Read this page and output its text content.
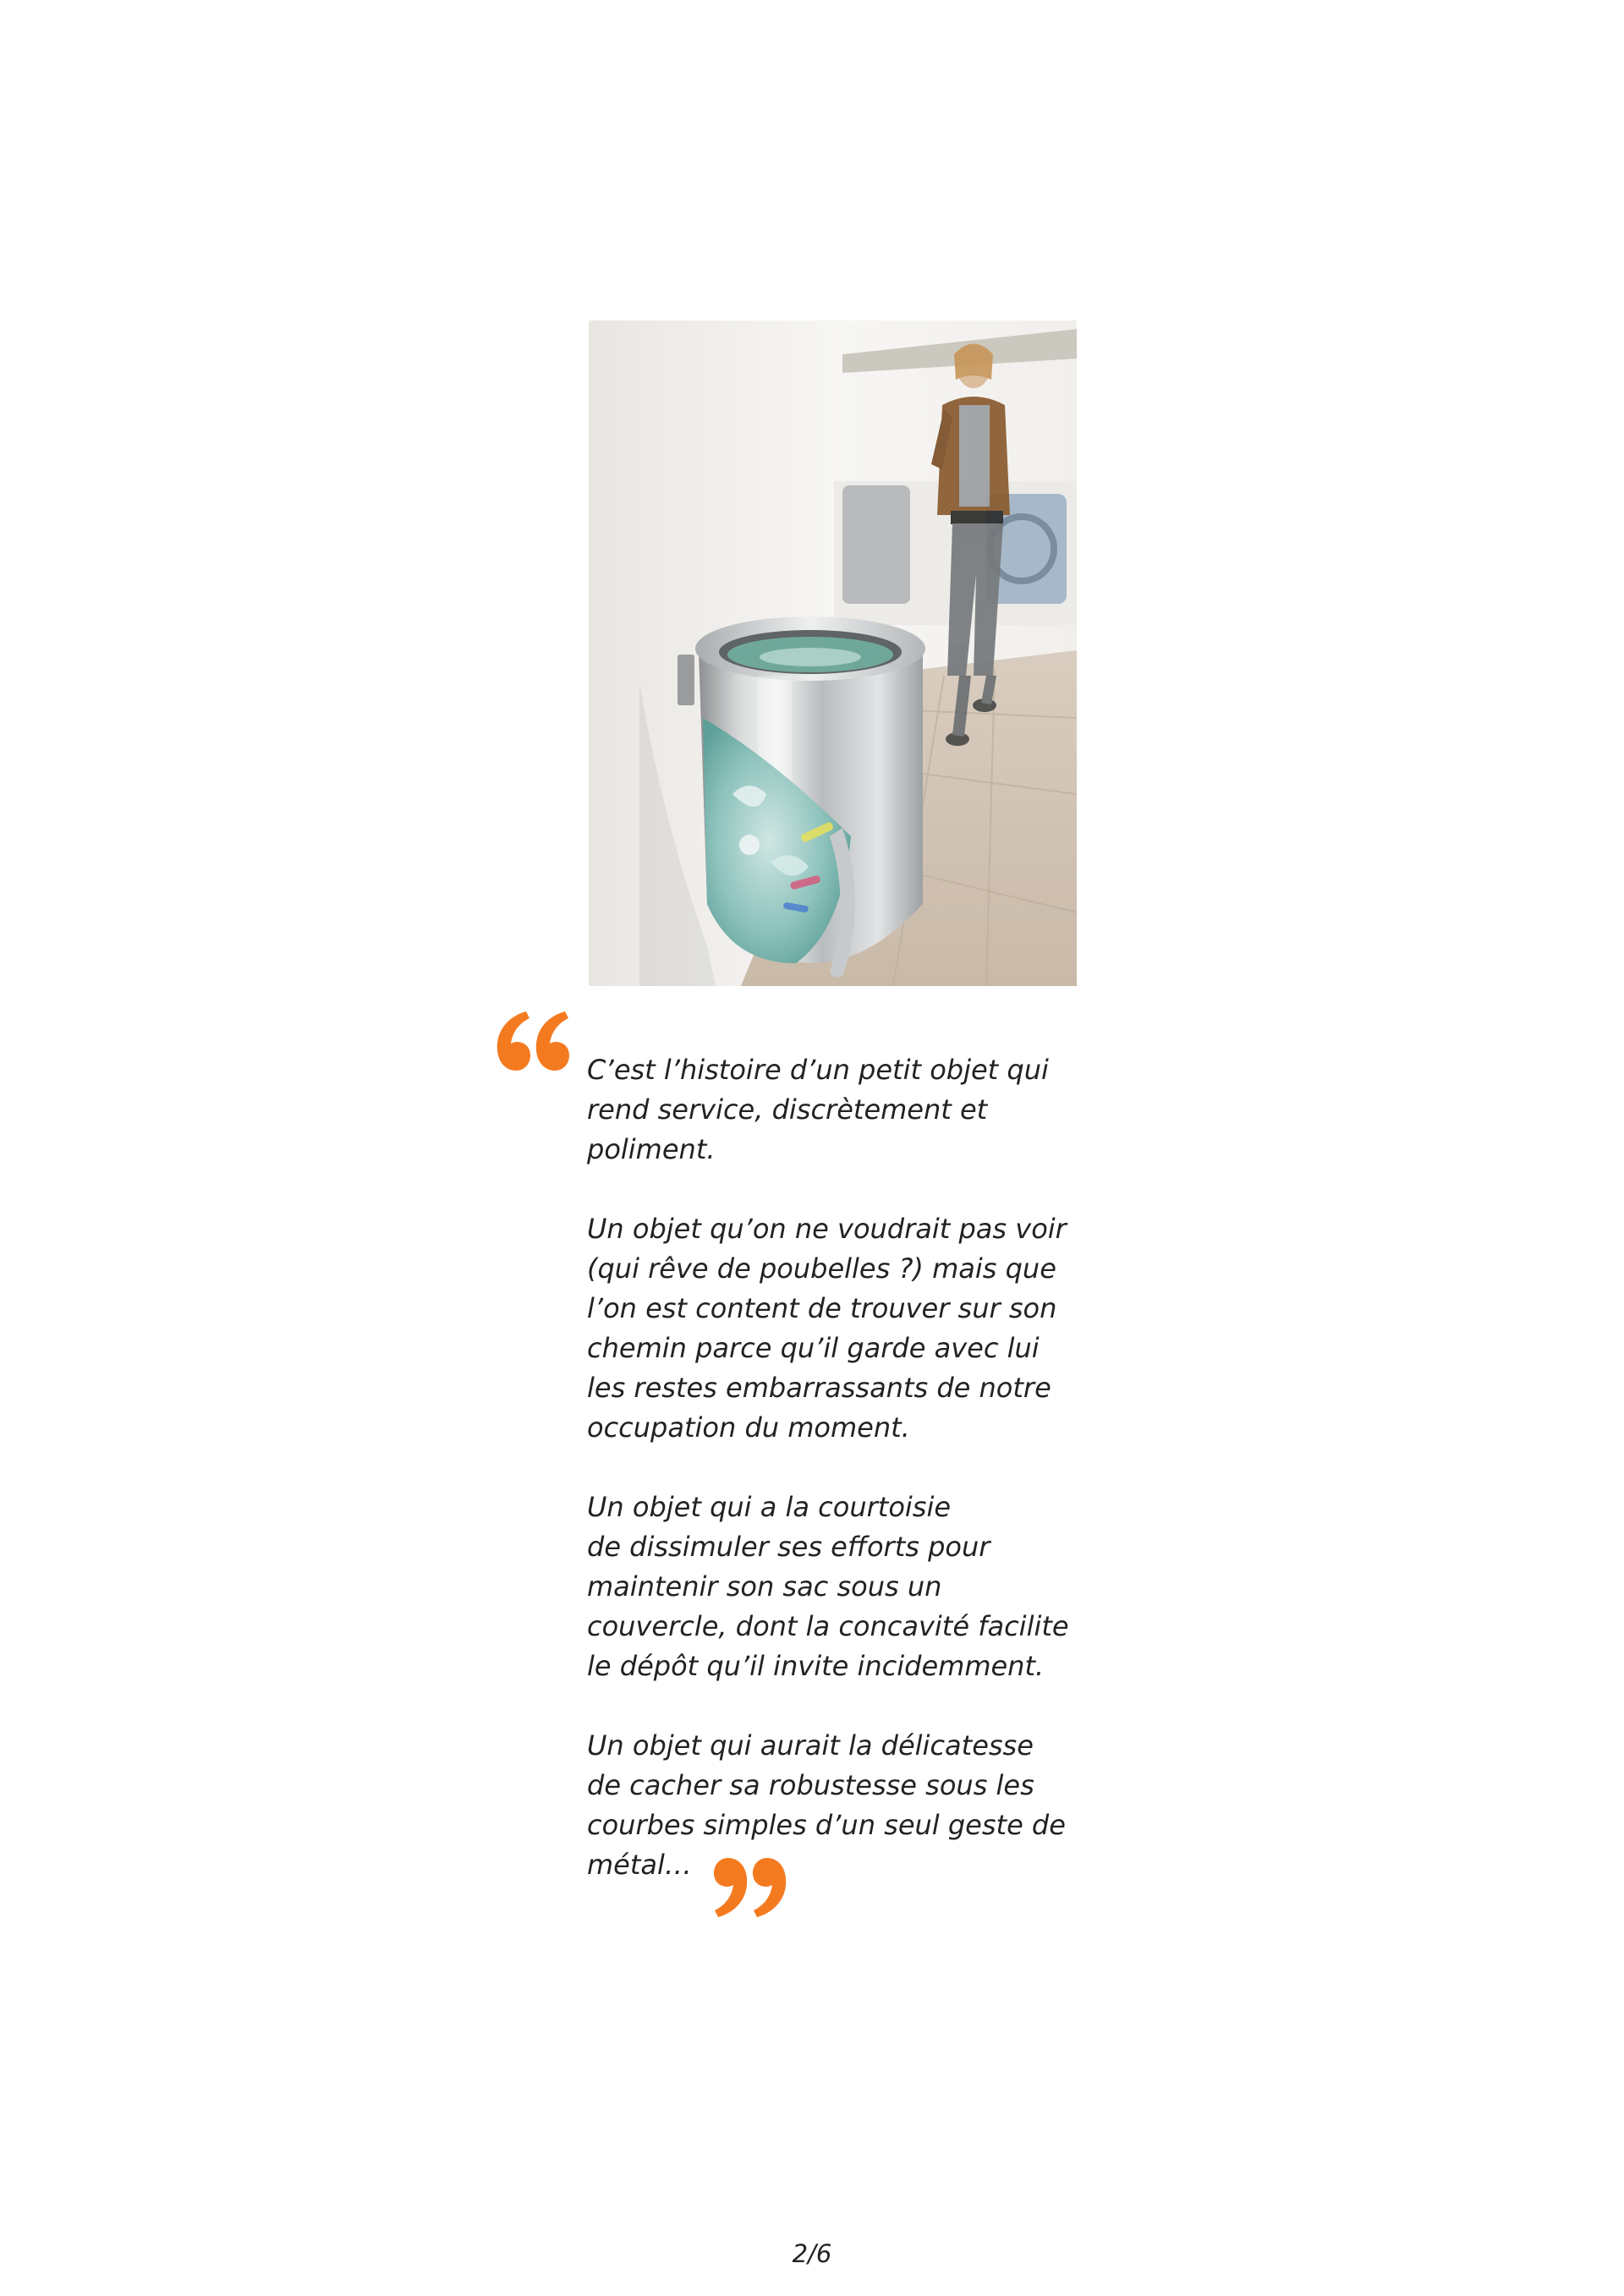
C’est l’histoire d’un petit objet qui
rend service, discrètement et
poliment.

Un objet qu’on ne voudrait pas voir
(qui rêve de poubelles ?) mais que
l’on est content de trouver sur son
chemin parce qu’il garde avec lui
les restes embarrassants de notre
occupation du moment.

Un objet qui a la courtoisie
de dissimuler ses efforts pour
maintenir son sac sous un
couvercle, dont la concavité facilite
le dépôt qu’il invite incidemment.

Un objet qui aurait la délicatesse
de cacher sa robustesse sous les
courbes simples d’un seul geste de
métal…

2/6
